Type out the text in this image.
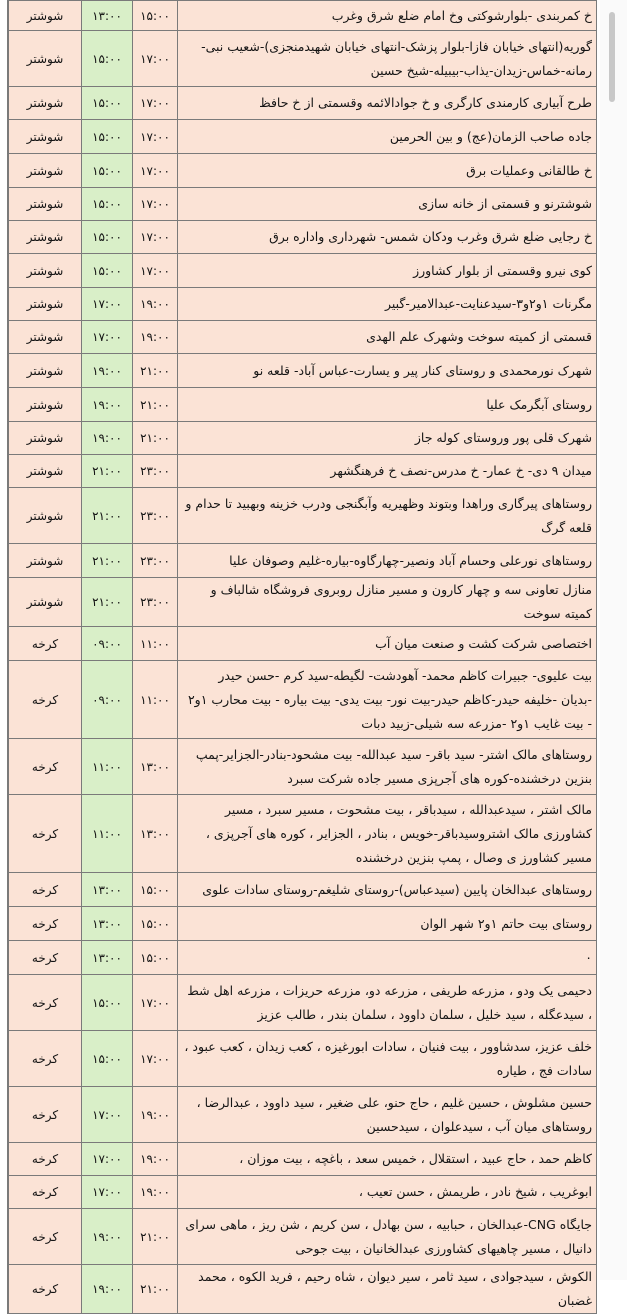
شوشتر	۱۳:۰۰	۱۵:۰۰	خ کمربندی -بلوارشوکتی وخ امام ضلع شرق وغرب
شوشتر	۱۵:۰۰	۱۷:۰۰	گوریه(انتهای خیابان فازا-بلوار پزشک-انتهای خیابان شهیدمنجزی)-شعیب نبی-رمانه-خماس-زیدان-یذاب-بیبیله-شیخ حسین
شوشتر	۱۵:۰۰	۱۷:۰۰	طرح آبیاری کارمندی کارگری و خ جوادالائمه وقسمتی از خ حافظ
شوشتر	۱۵:۰۰	۱۷:۰۰	جاده صاحب الزمان(عج) و بین الحرمین
شوشتر	۱۵:۰۰	۱۷:۰۰	خ طالقانی وعملیات برق
شوشتر	۱۵:۰۰	۱۷:۰۰	شوشترنو و قسمتی از خانه سازی
شوشتر	۱۵:۰۰	۱۷:۰۰	خ رجایی ضلع شرق وغرب ودکان شمس- شهرداری واداره برق
شوشتر	۱۵:۰۰	۱۷:۰۰	کوی نیرو وقسمتی از بلوار کشاورز
شوشتر	۱۷:۰۰	۱۹:۰۰	مگرنات ۱و۲و۳-سیدعنایت-عبدالامیر-گبیر
شوشتر	۱۷:۰۰	۱۹:۰۰	قسمتی از کمیته سوخت وشهرک علم الهدی
شوشتر	۱۹:۰۰	۲۱:۰۰	شهرک نورمحمدی و روستای کنار پیر و یسارت-عباس آباد- قلعه نو
شوشتر	۱۹:۰۰	۲۱:۰۰	روستای آبگرمک علیا
شوشتر	۱۹:۰۰	۲۱:۰۰	شهرک قلی پور وروستای کوله جاز
شوشتر	۲۱:۰۰	۲۳:۰۰	میدان ۹ دی- خ عمار- خ مدرس-نصف خ فرهنگشهر
شوشتر	۲۱:۰۰	۲۳:۰۰	روستاهای پیرگاری وراهدا وبتوند وظهیریه وآبگنجی ودرب خزینه وبهبید تا حدام و قلعه گرگ
شوشتر	۲۱:۰۰	۲۳:۰۰	روستاهای نورعلی وحسام آباد ونصیر-چهارگاوه-بیاره-غلیم وصوفان علیا
شوشتر	۲۱:۰۰	۲۳:۰۰	منازل تعاونی سه و چهار کارون و مسیر منازل روبروی فروشگاه شالباف و کمیته سوخت
کرخه	۰۹:۰۰	۱۱:۰۰	اختصاصی شرکت کشت و صنعت میان آب
کرخه	۰۹:۰۰	۱۱:۰۰	بیت علیوی- جبیرات کاظم محمد- آهودشت- لگیطه-سید کرم -حسن حیدر -بدیان -خلیفه حیدر-کاظم حیدر-بیت نور- بیت یدی- بیت بیاره - بیت محارب ۱و۲ - بیت غایب ۱و۲ -مزرعه سه شیلی-زبید دبات
کرخه	۱۱:۰۰	۱۳:۰۰	روستاهای مالک اشتر- سید باقر- سید عبدالله- بیت مشحود-بنادر-الجزایر-پمپ بنزین درخشنده-کوره های آجرپزی مسیر جاده شرکت سبرد
کرخه	۱۱:۰۰	۱۳:۰۰	مالک اشتر ، سیدعبدالله ، سیدباقر ، بیت مشحوت ، مسیر سبرد ، مسیر کشاورزی مالک اشتروسیدباقر-خویس ، بنادر ، الجزایر ، کوره های آجرپزی ، مسیر کشاورز ی وصال ، پمپ بنزین درخشنده
کرخه	۱۳:۰۰	۱۵:۰۰	روستاهای عبدالخان پایین (سیدعباس)-روستای شلیغم-روستای سادات علوی
کرخه	۱۳:۰۰	۱۵:۰۰	روستای بیت حاتم ۱و۲ شهر الوان
کرخه	۱۳:۰۰	۱۵:۰۰	۰
کرخه	۱۵:۰۰	۱۷:۰۰	دحیمی یک ودو ، مزرعه طریفی ، مزرعه دو، مزرعه حریزات ، مزرعه اهل شط ، سیدعگله ، سید خلیل ، سلمان داوود ، سلمان بندر ، طالب عزیز
کرخه	۱۵:۰۰	۱۷:۰۰	خلف عزیز، سدشاوور ، بیت فنیان ، سادات ابورغیزه ، کعب زیدان ، کعب عبود ، سادات فج ، طیاره
کرخه	۱۷:۰۰	۱۹:۰۰	حسین مشلوش ، حسین غلیم ، حاج حنو، علی ضغیر ، سید داوود ، عبدالرضا ، روستاهای میان آب ، سیدعلوان ، سیدحسین
کرخه	۱۷:۰۰	۱۹:۰۰	کاظم حمد ، حاج عبید ، استقلال ، خمیس سعد ، باغچه ، بیت موزان ،
کرخه	۱۷:۰۰	۱۹:۰۰	ابوغریب ، شیخ نادر ، طریمش ، حسن تعیب ،
کرخه	۱۹:۰۰	۲۱:۰۰	جایگاه CNG-عبدالخان ، حبابیه ، سن بهادل ، سن کریم ، شن ریز ، ماهی سرای دانیال ، مسیر چاهیهای کشاورزی عبدالخانیان ، بیت جوحی
کرخه	۱۹:۰۰	۲۱:۰۰	الکوش ، سیدجوادی ، سید ثامر ، سیر دیوان ، شاه رحیم ، فرید الکوه ، محمد غضبان
